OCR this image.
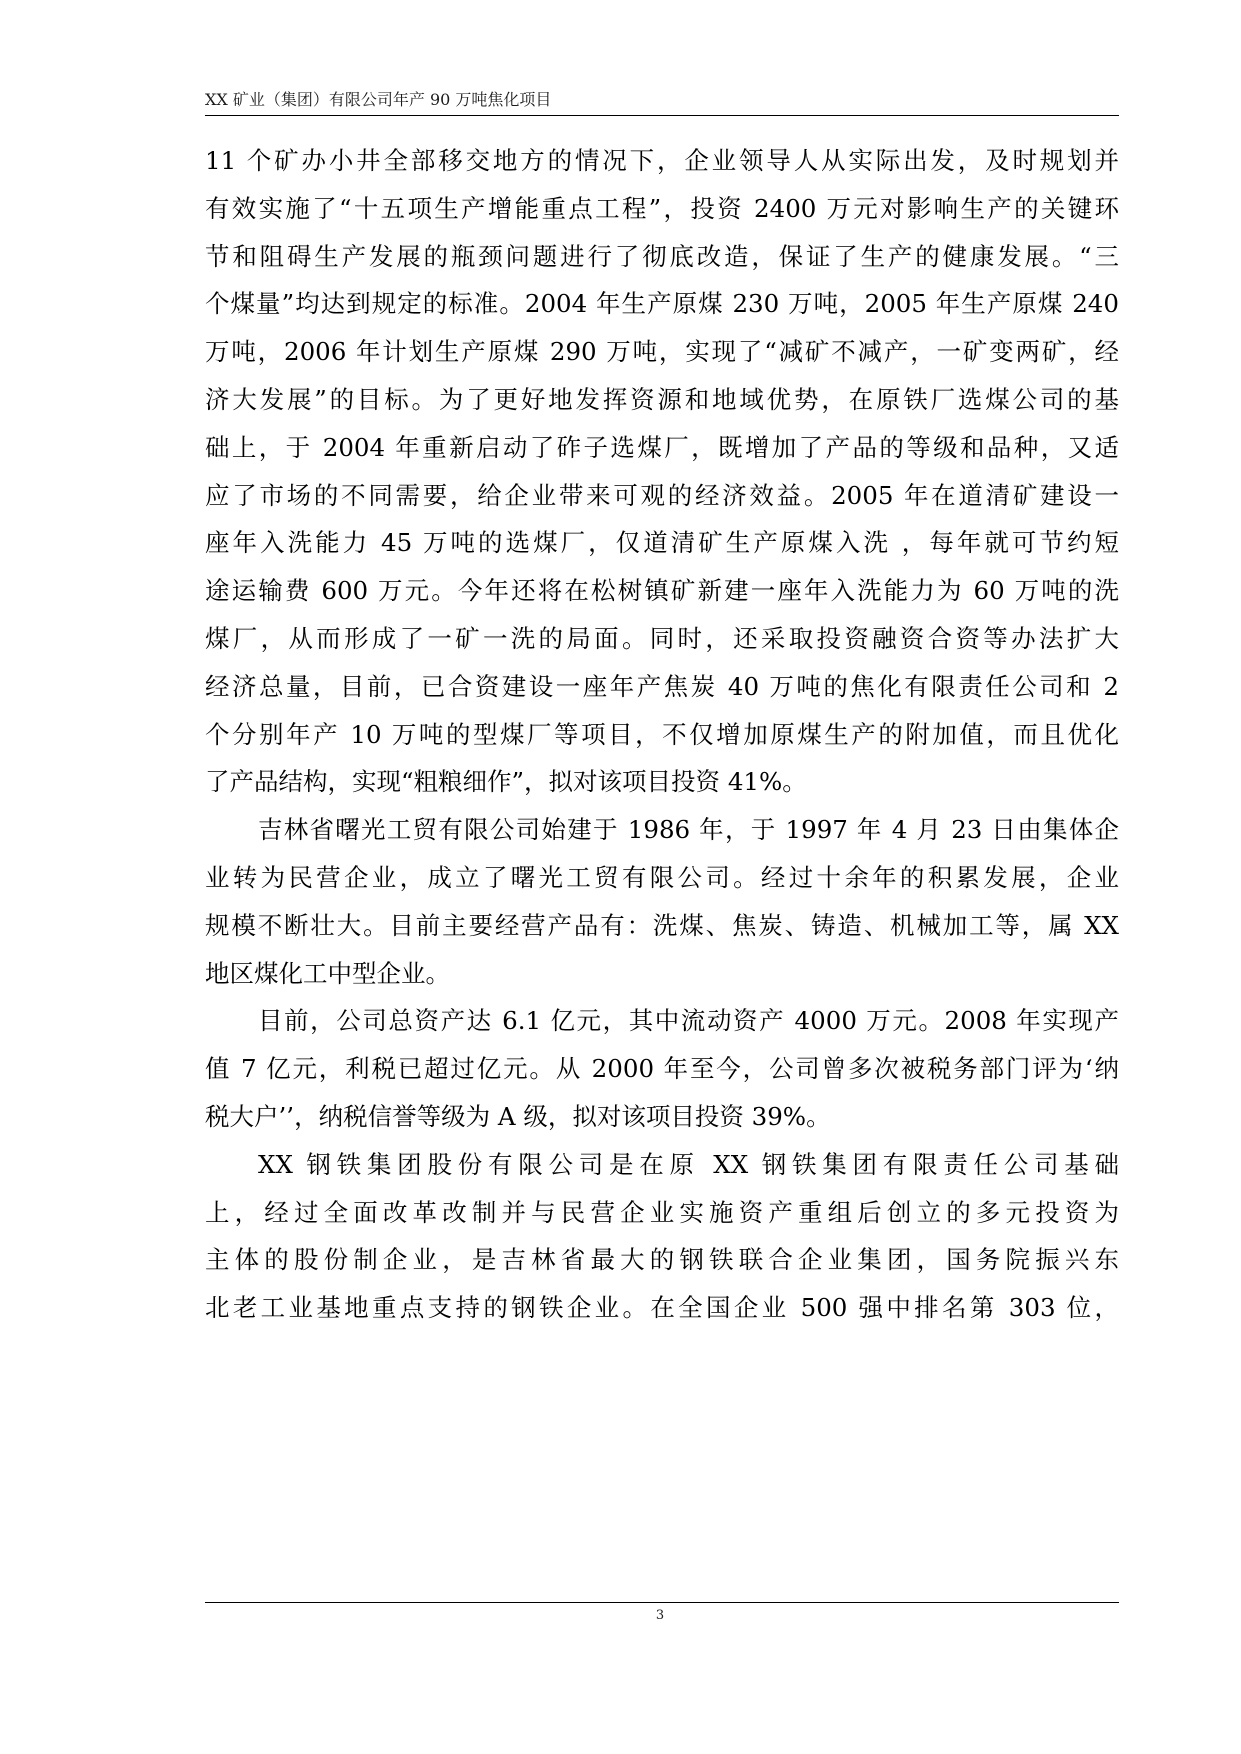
XX 矿业（集团）有限公司年产 90 万吨焦化项目
11 个矿办小井全部移交地方的情况下，企业领导人从实际出发，及时规划并
有效实施了“十五项生产增能重点工程”，投资 2400 万元对影响生产的关键环
节和阻碍生产发展的瓶颈问题进行了彻底改造，保证了生产的健康发展。“三
个煤量”均达到规定的标准。2004 年生产原煤 230 万吨，2005 年生产原煤 240
万吨，2006 年计划生产原煤 290 万吨，实现了“减矿不减产，一矿变两矿，经
济大发展”的目标。为了更好地发挥资源和地域优势，在原铁厂选煤公司的基
础上，于 2004 年重新启动了砟子选煤厂，既增加了产品的等级和品种，又适
应了市场的不同需要，给企业带来可观的经济效益。2005 年在道清矿建设一
座年入洗能力 45 万吨的选煤厂，仅道清矿生产原煤入洗 ，每年就可节约短
途运输费 600 万元。今年还将在松树镇矿新建一座年入洗能力为 60 万吨的洗
煤厂，从而形成了一矿一洗的局面。同时，还采取投资融资合资等办法扩大
经济总量，目前，已合资建设一座年产焦炭 40 万吨的焦化有限责任公司和 2
个分别年产 10 万吨的型煤厂等项目，不仅增加原煤生产的附加值，而且优化
了产品结构，实现“粗粮细作”，拟对该项目投资 41%。
吉林省曙光工贸有限公司始建于 1986 年，于 1997 年 4 月 23 日由集体企
业转为民营企业，成立了曙光工贸有限公司。经过十余年的积累发展，企业
规模不断壮大。目前主要经营产品有：洗煤、焦炭、铸造、机械加工等，属 XX
地区煤化工中型企业。
目前，公司总资产达 6.1 亿元，其中流动资产 4000 万元。2008 年实现产
值 7 亿元，利税已超过亿元。从 2000 年至今，公司曾多次被税务部门评为‘纳
税大户’’，纳税信誉等级为 A 级，拟对该项目投资 39%。
XX 钢铁集团股份有限公司是在原 XX 钢铁集团有限责任公司基础
上，经过全面改革改制并与民营企业实施资产重组后创立的多元投资为
主体的股份制企业，是吉林省最大的钢铁联合企业集团，国务院振兴东
北老工业基地重点支持的钢铁企业。在全国企业 500 强中排名第 303 位，
3
